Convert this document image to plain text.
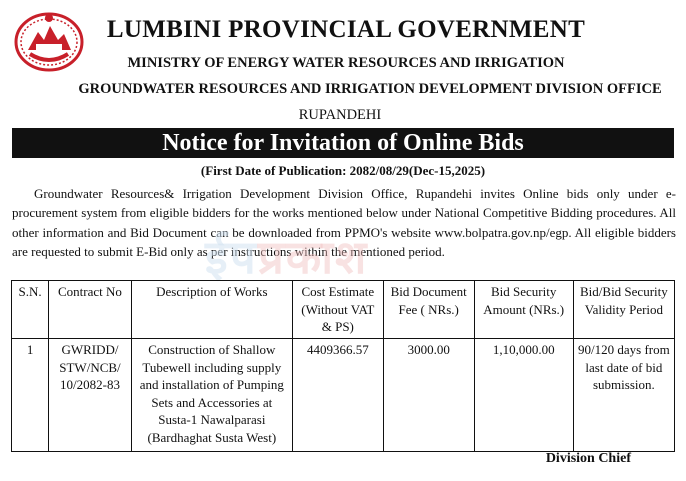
LUMBINI PROVINCIAL GOVERNMENT
MINISTRY OF ENERGY WATER RESOURCES AND IRRIGATION
GROUNDWATER RESOURCES AND IRRIGATION DEVELOPMENT DIVISION OFFICE
RUPANDEHI
Notice for Invitation of Online Bids
(First Date of Publication: 2082/08/29(Dec-15,2025)
Groundwater Resources& Irrigation Development Division Office, Rupandehi invites Online bids only under e-procurement system from eligible bidders for the works mentioned below under National Competitive Bidding procedures. All other information and Bid Document can be downloaded from PPMO's website www.bolpatra.gov.np/egp. All eligible bidders are requested to submit E-Bid only as per instructions within the mentioned period.
ईपप्रकाश
S.N.	Contract No	Description of Works	Cost Estimate (Without VAT & PS)	Bid Document Fee ( NRs.)	Bid Security Amount (NRs.)	Bid/Bid Security Validity Period
1	GWRIDD/ STW/NCB/ 10/2082-83	Construction of Shallow Tubewell including supply and installation of Pumping Sets and Accessories at Susta-1 Nawalparasi (Bardhaghat Susta West)	4409366.57	3000.00	1,10,000.00	90/120 days from last date of bid submission.
Division Chief
